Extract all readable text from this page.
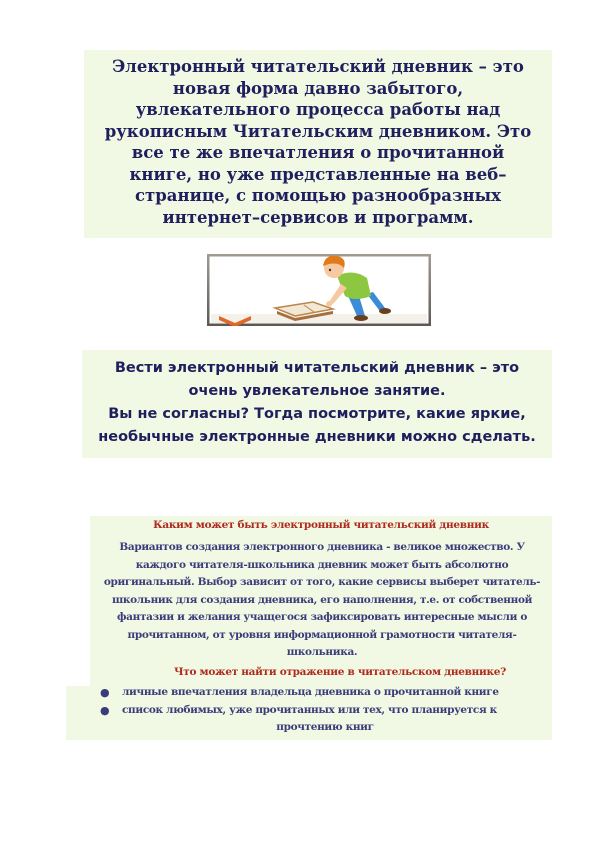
Электронный читательский дневник – это новая форма давно забытого, увлекательного процесса работы над рукописным Читательским дневником. Это все те же впечатления о прочитанной книге, но уже представленные на веб–странице, с помощью разнообразных интернет–сервисов и программ.

Вести электронный читательский дневник – это
очень увлекательное занятие.
Вы не согласны? Тогда посмотрите, какие яркие,
необычные электронные дневники можно сделать.

Каким может быть электронный читательский дневник

Вариантов создания электронного дневника - великое множество. У
каждого читателя-школьника дневник может быть абсолютно
оригинальный. Выбор зависит от того, какие сервисы выберет читатель-
школьник для создания дневника, его наполнения, т.е. от собственной
фантазии и желания учащегося зафиксировать интересные мысли о
прочитанном, от уровня информационной грамотности читателя-
школьника.

Что может найти отражение в читательском дневнике?

● личные впечатления владельца дневника о прочитанной книге
● список любимых, уже прочитанных или тех, что планируется к
прочтению книг
